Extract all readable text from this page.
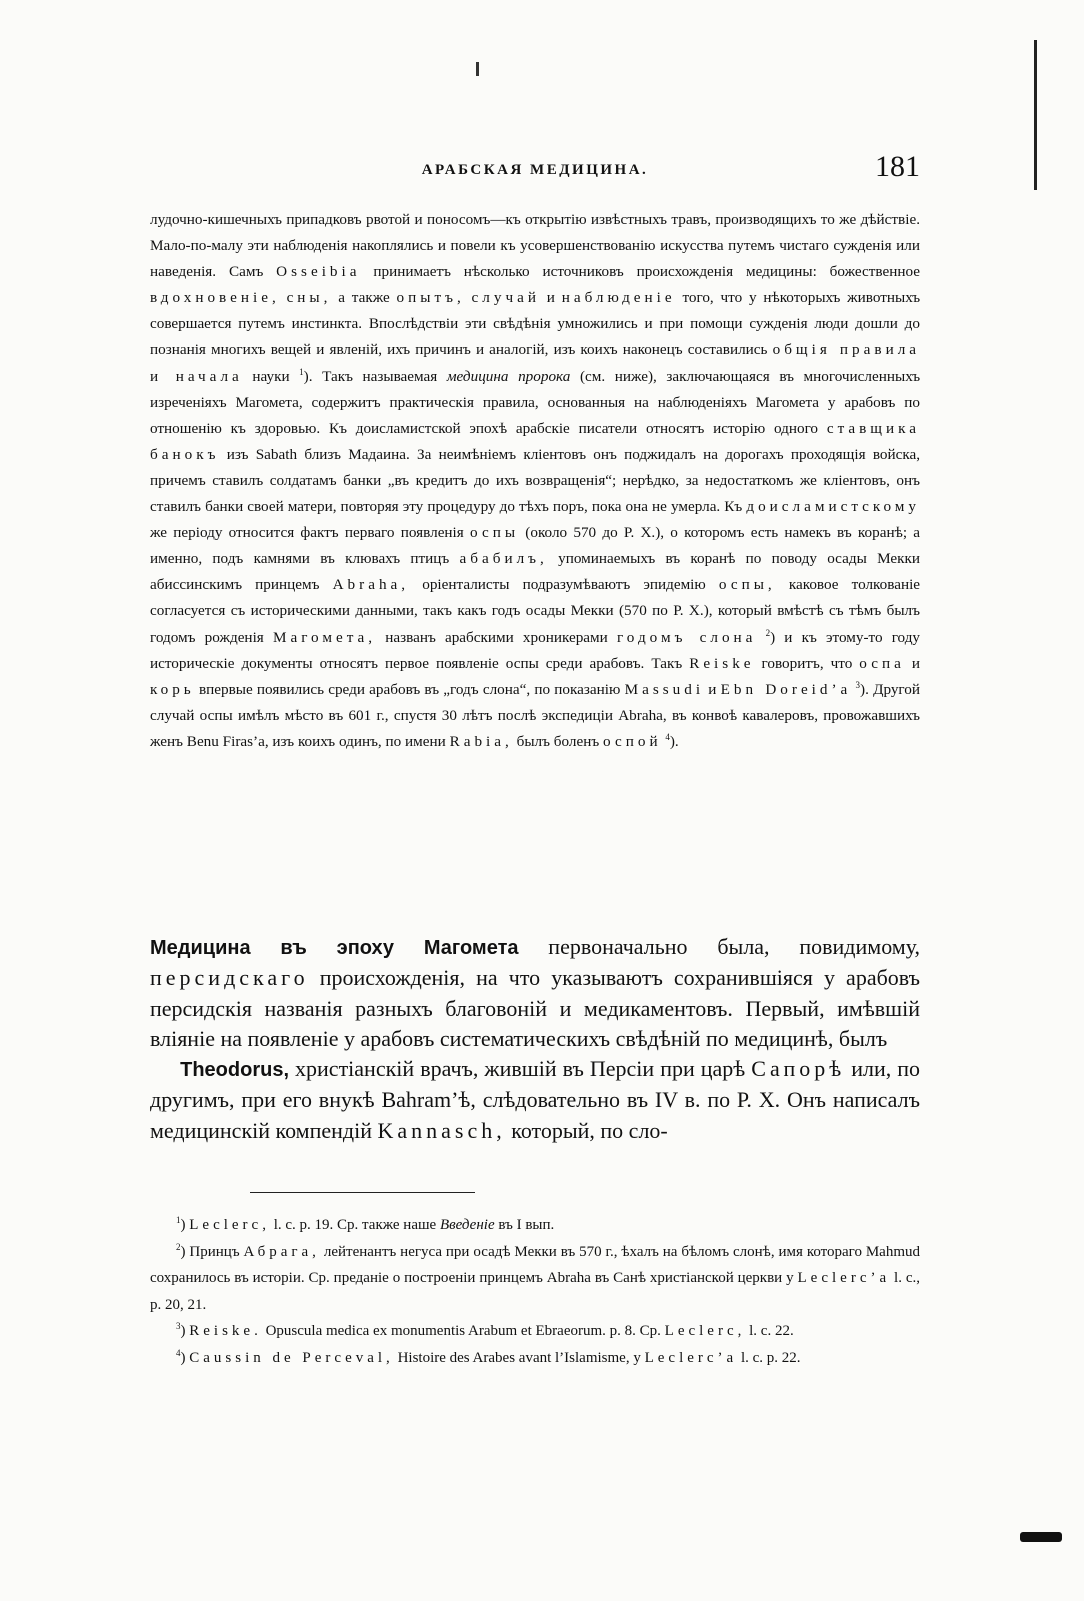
АРАБСКАЯ МЕДИЦИНА.	181

лудочно-кишечныхъ припадковъ рвотой и поносомъ—къ открытію извѣстныхъ травъ, производящихъ то же дѣйствіе. Мало-по-малу эти наблюденія накоплялись и повели къ усовершенствованію искусства путемъ чистаго сужденія или наведенія. Самъ Osseibia принимаетъ нѣсколько источниковъ происхожденія медицины: божественное вдохновеніе, сны, а также опытъ, случай и наблюденіе того, что у нѣкоторыхъ животныхъ совершается путемъ инстинкта. Впослѣдствіи эти свѣдѣнія умножились и при помощи сужденія люди дошли до познанія многихъ вещей и явленій, ихъ причинъ и аналогій, изъ коихъ наконецъ составились общія правила и начала науки $^1$). Такъ называемая медицина пророка (см. ниже), заключающаяся въ многочисленныхъ изреченіяхъ Магомета, содержитъ практическія правила, основанныя на наблюденіяхъ Магомета у арабовъ по отношенію къ здоровью. Къ доисламистской эпохѣ арабскіе писатели относятъ исторію одного ставщика банокъ изъ Sabath близъ Мадаина. За неимѣніемъ кліентовъ онъ поджидалъ на дорогахъ проходящія войска, причемъ ставилъ солдатамъ банки „въ кредитъ до ихъ возвращенія“; нерѣдко, за недостаткомъ же кліентовъ, онъ ставилъ банки своей матери, повторяя эту процедуру до тѣхъ поръ, пока она не умерла. Къ доисламистскому же періоду относится фактъ перваго появленія оспы (около 570 до Р. Х.), о которомъ есть намекъ въ коранѣ; а именно, подъ камнями въ клювахъ птицъ абабилъ, упоминаемыхъ въ коранѣ по поводу осады Мекки абиссинскимъ принцемъ Abraha, оріенталисты подразумѣваютъ эпидемію оспы, каковое толкованіе согласуется съ историческими данными, такъ какъ годъ осады Мекки (570 по Р. Х.), который вмѣстѣ съ тѣмъ былъ годомъ рожденія Магомета, названъ арабскими хроникерами годомъ слона $^2$) и къ этому-то году историческіе документы относятъ первое появленіе оспы среди арабовъ. Такъ Reiske говоритъ, что оспа и корь впервые появились среди арабовъ въ „годъ слона“, по показанію Massudi и Ebn Doreid’a $^3$). Другой случай оспы имѣлъ мѣсто въ 601 г., спустя 30 лѣтъ послѣ экспедиціи Abraha, въ конвоѣ кавалеровъ, провожавшихъ женъ Benu Firas’a, изъ коихъ одинъ, по имени Rabia, былъ боленъ оспой $^4$).

Медицина въ эпоху Магомета первоначально была, повидимому, персидскаго происхожденія, на что указываютъ сохранившіяся у арабовъ персидскія названія разныхъ благовоній и медикаментовъ. Первый, имѣвшій вліяніе на появленіе у арабовъ систематическихъ свѣдѣній по медицинѣ, былъ

Theodorus, христіанскій врачъ, жившій въ Персіи при царѣ Сапорѣ или, по другимъ, при его внукѣ Bahram’ѣ, слѣдовательно въ IV в. по Р. Х. Онъ написалъ медицинскій компендій Kannasch, который, по сло-

$^1$) Leclerc, l. c. p. 19. Ср. также наше Введеніе въ I вып.

$^2$) Принцъ Абрага, лейтенантъ негуса при осадѣ Мекки въ 570 г., ѣхалъ на бѣломъ слонѣ, имя котораго Mahmud сохранилось въ исторіи. Ср. преданіе о построеніи принцемъ Abraha въ Санѣ христіанской церкви у Leclerc’a l. c., p. 20, 21.

$^3$) Reiske. Opuscula medica ex monumentis Arabum et Ebraeorum. p. 8. Ср. Leclerc, l. c. 22.

$^4$) Caussin de Perceval, Histoire des Arabes avant l’Islamisme, у Leclerc’a l. c. p. 22.
